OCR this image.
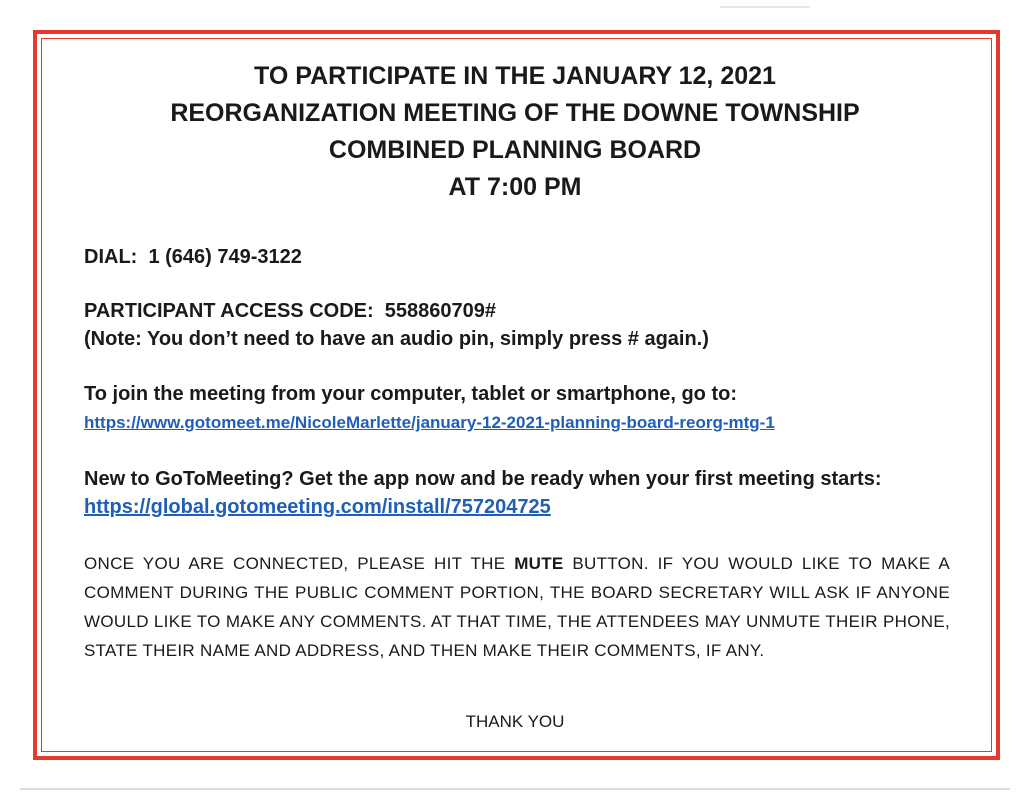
TO PARTICIPATE IN THE JANUARY 12, 2021
REORGANIZATION MEETING OF THE DOWNE TOWNSHIP
COMBINED PLANNING BOARD
AT 7:00 PM
DIAL: 1 (646) 749-3122
PARTICIPANT ACCESS CODE: 558860709#
(Note: You don’t need to have an audio pin, simply press # again.)
To join the meeting from your computer, tablet or smartphone, go to:
https://www.gotomeet.me/NicoleMarlette/january-12-2021-planning-board-reorg-mtg-1
New to GoToMeeting? Get the app now and be ready when your first meeting starts: https://global.gotomeeting.com/install/757204725
ONCE YOU ARE CONNECTED, PLEASE HIT THE MUTE BUTTON. IF YOU WOULD LIKE TO MAKE A COMMENT DURING THE PUBLIC COMMENT PORTION, THE BOARD SECRETARY WILL ASK IF ANYONE WOULD LIKE TO MAKE ANY COMMENTS. AT THAT TIME, THE ATTENDEES MAY UNMUTE THEIR PHONE, STATE THEIR NAME AND ADDRESS, AND THEN MAKE THEIR COMMENTS, IF ANY.
THANK YOU
